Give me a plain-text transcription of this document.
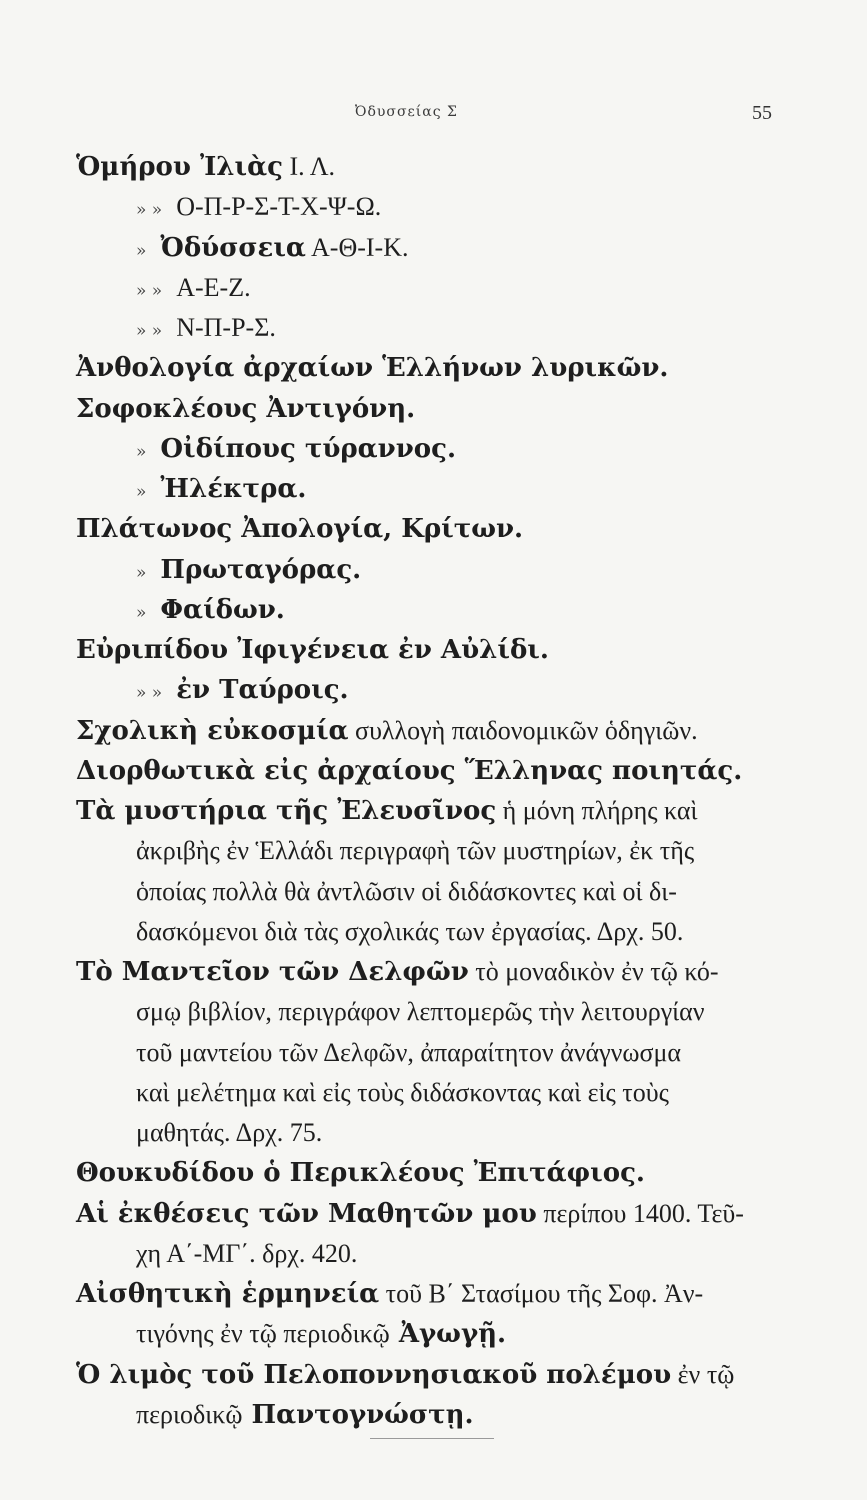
Ὀδυσσείας Σ	55
Ὁμήρου Ἰλιὰς Ι. Λ.
» » Ο-Π-Ρ-Σ-Τ-Χ-Ψ-Ω.
» Ὀδύσσεια Α-Θ-Ι-Κ.
» » Α-Ε-Ζ.
» » Ν-Π-Ρ-Σ.
Ἀνθολογία ἀρχαίων Ἑλλήνων λυρικῶν.
Σοφοκλέους Ἀντιγόνη.
» Οἰδίπους τύραννος.
» Ἠλέκτρα.
Πλάτωνος Ἀπολογία, Κρίτων.
» Πρωταγόρας.
» Φαίδων.
Εὐριπίδου Ἰφιγένεια ἐν Αὐλίδι.
» » ἐν Ταύροις.
Σχολικὴ εὐκοσμία συλλογὴ παιδονομικῶν ὁδηγιῶν.
Διορθωτικὰ εἰς ἀρχαίους Ἕλληνας ποιητάς.
Τὰ μυστήρια τῆς Ἐλευσῖνος ἡ μόνη πλήρης καὶ
ἀκριβὴς ἐν Ἑλλάδι περιγραφὴ τῶν μυστηρίων, ἐκ τῆς
ὁποίας πολλὰ θὰ ἀντλῶσιν οἱ διδάσκοντες καὶ οἱ δι-
δασκόμενοι διὰ τὰς σχολικάς των ἐργασίας. Δρχ. 50.
Τὸ Μαντεῖον τῶν Δελφῶν τὸ μοναδικὸν ἐν τῷ κό-
σμῳ βιβλίον, περιγράφον λεπτομερῶς τὴν λειτουργίαν
τοῦ μαντείου τῶν Δελφῶν, ἀπαραίτητον ἀνάγνωσμα
καὶ μελέτημα καὶ εἰς τοὺς διδάσκοντας καὶ εἰς τοὺς
μαθητάς. Δρχ. 75.
Θουκυδίδου ὁ Περικλέους Ἐπιτάφιος.
Αἱ ἐκθέσεις τῶν Μαθητῶν μου περίπου 1400. Τεῦ-
χη Α΄-ΜΓ΄. δρχ. 420.
Αἰσθητικὴ ἑρμηνεία τοῦ Β΄ Στασίμου τῆς Σοφ. Ἀν-
τιγόνης ἐν τῷ περιοδικῷ Ἀγωγῇ.
Ὁ λιμὸς τοῦ Πελοποννησιακοῦ πολέμου ἐν τῷ
περιοδικῷ Παντογνώστῃ.
